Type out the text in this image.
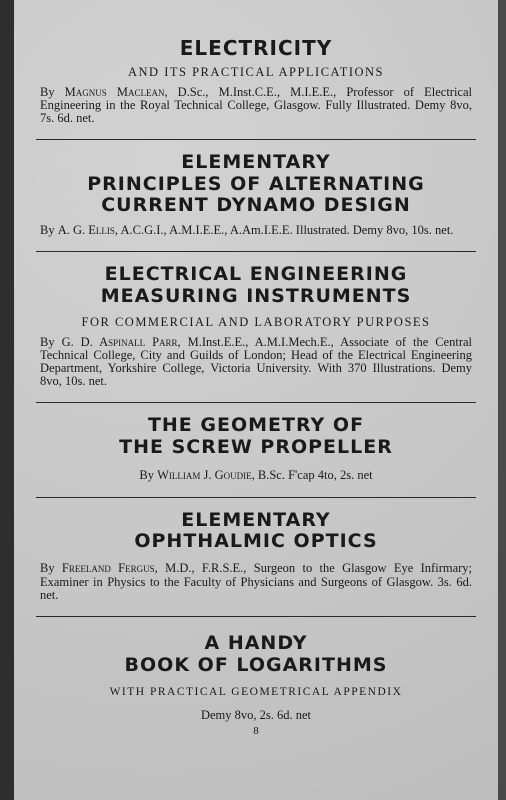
ELECTRICITY
AND ITS PRACTICAL APPLICATIONS

By Magnus Maclean, D.Sc., M.Inst.C.E., M.I.E.E., Professor of Electrical Engineering in the Royal Technical College, Glasgow. Fully Illustrated. Demy 8vo, 7s. 6d. net.

ELEMENTARY
PRINCIPLES OF ALTERNATING
CURRENT DYNAMO DESIGN

By A. G. Ellis, A.C.G.I., A.M.I.E.E., A.Am.I.E.E. Illustrated. Demy 8vo, 10s. net.

ELECTRICAL ENGINEERING
MEASURING INSTRUMENTS
FOR COMMERCIAL AND LABORATORY PURPOSES

By G. D. Aspinall Parr, M.Inst.E.E., A.M.I.Mech.E., Associate of the Central Technical College, City and Guilds of London; Head of the Electrical Engineering Department, Yorkshire College, Victoria University. With 370 Illustrations. Demy 8vo, 10s. net.

THE GEOMETRY OF
THE SCREW PROPELLER

By William J. Goudie, B.Sc. F'cap 4to, 2s. net

ELEMENTARY
OPHTHALMIC OPTICS

By Freeland Fergus, M.D., F.R.S.E., Surgeon to the Glasgow Eye Infirmary; Examiner in Physics to the Faculty of Physicians and Surgeons of Glasgow. 3s. 6d. net.

A HANDY
BOOK OF LOGARITHMS
WITH PRACTICAL GEOMETRICAL APPENDIX

Demy 8vo, 2s. 6d. net

8
